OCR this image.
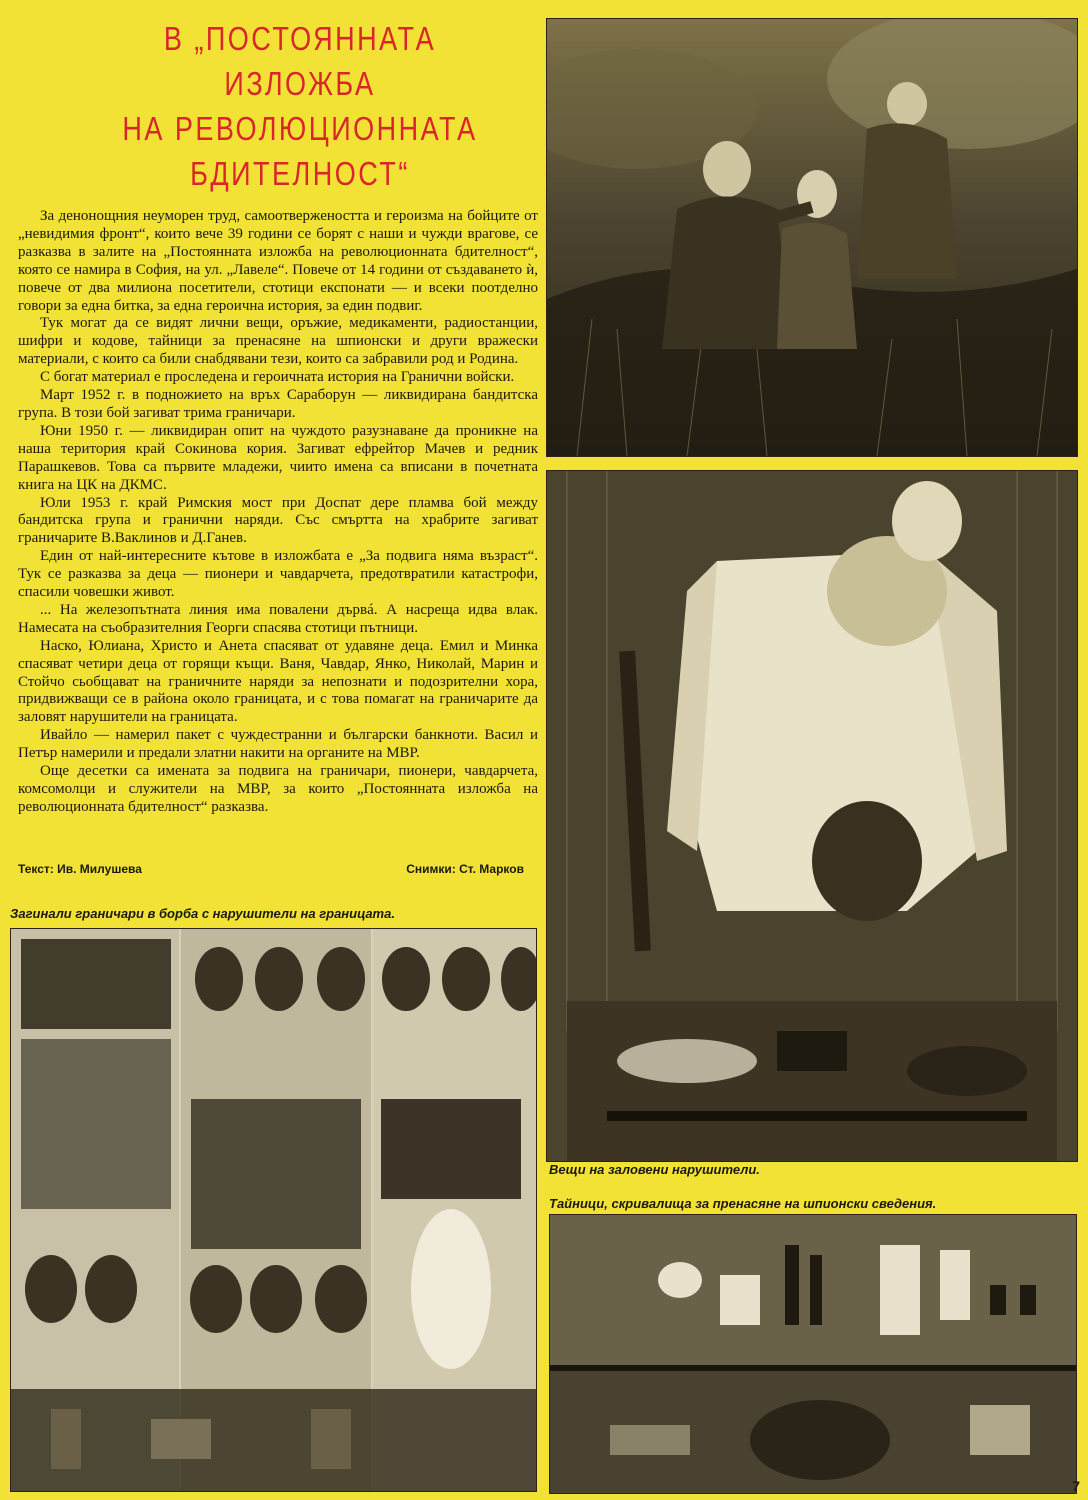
В „ПОСТОЯННАТА
ИЗЛОЖБА
НА РЕВОЛЮЦИОННАТА
БДИТЕЛНОСТ“

За денонощния неуморен труд, самоотвержеността и героизма на бойците от „невидимия фронт“, които вече 39 години се борят с наши и чужди врагове, се разказва в залите на „Постоянната изложба на революционната бдителност“, която се намира в София, на ул. „Лавеле“. Повече от 14 години от създаването ѝ, повече от два милиона посетители, стотици експонати — и всеки поотделно говори за една битка, за една героична история, за един подвиг.

Тук могат да се видят лични вещи, оръжие, медикаменти, радиостанции, шифри и кодове, тайници за пренасяне на шпионски и други вражески материали, с които са били снабдявани тези, които са забравили род и Родина.

С богат материал е проследена и героичната история на Гранични войски.

Март 1952 г. в подножието на връх Сараборун — ликвидирана бандитска група. В този бой загиват трима граничари.

Юни 1950 г. — ликвидиран опит на чуждото разузнаване да проникне на наша територия край Сокинова кория. Загиват ефрейтор Мачев и редник Парашкевов. Това са първите младежи, чиито имена са вписани в почетната книга на ЦК на ДКМС.

Юли 1953 г. край Римския мост при Доспат дере пламва бой между бандитска група и гранични наряди. Със смъртта на храбрите загиват граничарите В.Ваклинов и Д.Ганев.

Един от най-интересните кътове в изложбата е „За подвига няма възраст“. Тук се разказва за деца — пионери и чавдарчета, предотвратили катастрофи, спасили човешки живот.

... На железопътната линия има повалени дървá. А насреща идва влак. Намесата на съобразителния Георги спасява стотици пътници.

Наско, Юлиана, Христо и Анета спасяват от удавяне деца. Емил и Минка спасяват четири деца от горящи къщи. Ваня, Чавдар, Янко, Николай, Марин и Стойчо сьобщават на граничните наряди за непознати и подозрителни хора, придвижващи се в района около границата, и с това помагат на граничарите да заловят нарушители на границата.

Ивайло — намерил пакет с чуждестранни и български банкноти. Васил и Петър намерили и предали златни накити на органите на МВР.

Още десетки са имената за подвига на граничари, пионери, чавдарчета, комсомолци и служители на МВР, за които „Постоянната изложба на революционната бдителност“ разказва.

Текст: Ив. Милушева	Снимки: Ст. Марков
Загинали граничари в борба с нарушители на границата.
Вещи на заловени нарушители.
Тайници, скривалища за пренасяне на шпионски сведения.
7
